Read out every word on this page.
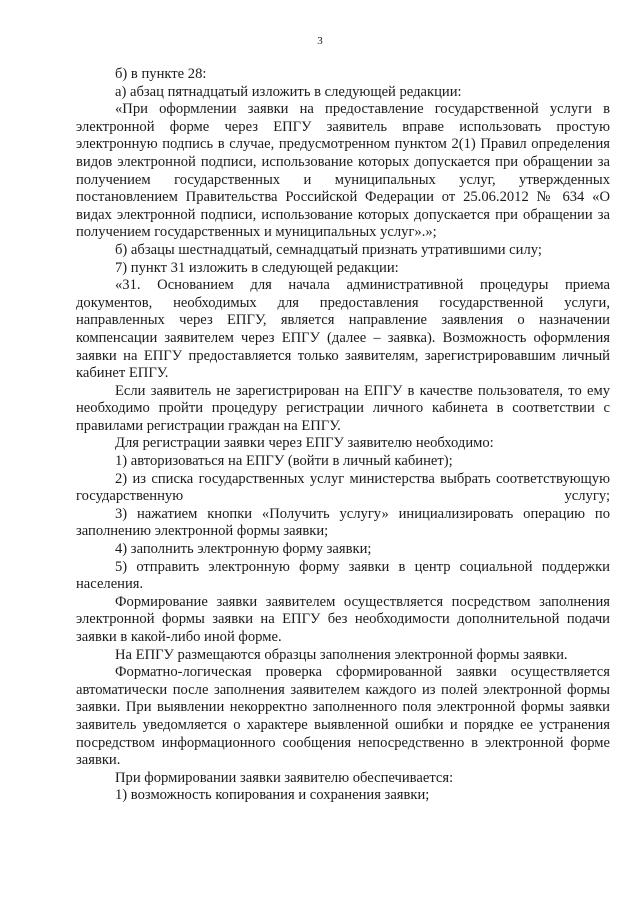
3

б) в пункте 28:

а) абзац пятнадцатый изложить в следующей редакции:

«При оформлении заявки на предоставление государственной услуги в электронной форме через ЕПГУ заявитель вправе использовать простую электронную подпись в случае, предусмотренном пунктом 2(1) Правил определения видов электронной подписи, использование которых допускается при обращении за получением государственных и муниципальных услуг, утвержденных постановлением Правительства Российской Федерации от 25.06.2012 № 634 «О видах электронной подписи, использование которых допускается при обращении за получением государственных и муниципальных услуг».»;

б) абзацы шестнадцатый, семнадцатый признать утратившими силу;

7) пункт 31 изложить в следующей редакции:

«31. Основанием для начала административной процедуры приема документов, необходимых для предоставления государственной услуги, направленных через ЕПГУ, является направление заявления о назначении компенсации заявителем через ЕПГУ (далее – заявка). Возможность оформления заявки на ЕПГУ предоставляется только заявителям, зарегистрировавшим личный кабинет ЕПГУ.

Если заявитель не зарегистрирован на ЕПГУ в качестве пользователя, то ему необходимо пройти процедуру регистрации личного кабинета в соответствии с правилами регистрации граждан на ЕПГУ.

Для регистрации заявки через ЕПГУ заявителю необходимо:

1) авторизоваться на ЕПГУ (войти в личный кабинет);

2) из списка государственных услуг министерства выбрать соответствующую государственную услугу;

3) нажатием кнопки «Получить услугу» инициализировать операцию по заполнению электронной формы заявки;

4) заполнить электронную форму заявки;

5) отправить электронную форму заявки в центр социальной поддержки населения.

Формирование заявки заявителем осуществляется посредством заполнения электронной формы заявки на ЕПГУ без необходимости дополнительной подачи заявки в какой-либо иной форме.

На ЕПГУ размещаются образцы заполнения электронной формы заявки.

Форматно-логическая проверка сформированной заявки осуществляется автоматически после заполнения заявителем каждого из полей электронной формы заявки. При выявлении некорректно заполненного поля электронной формы заявки заявитель уведомляется о характере выявленной ошибки и порядке ее устранения посредством информационного сообщения непосредственно в электронной форме заявки.

При формировании заявки заявителю обеспечивается:

1) возможность копирования и сохранения заявки;
